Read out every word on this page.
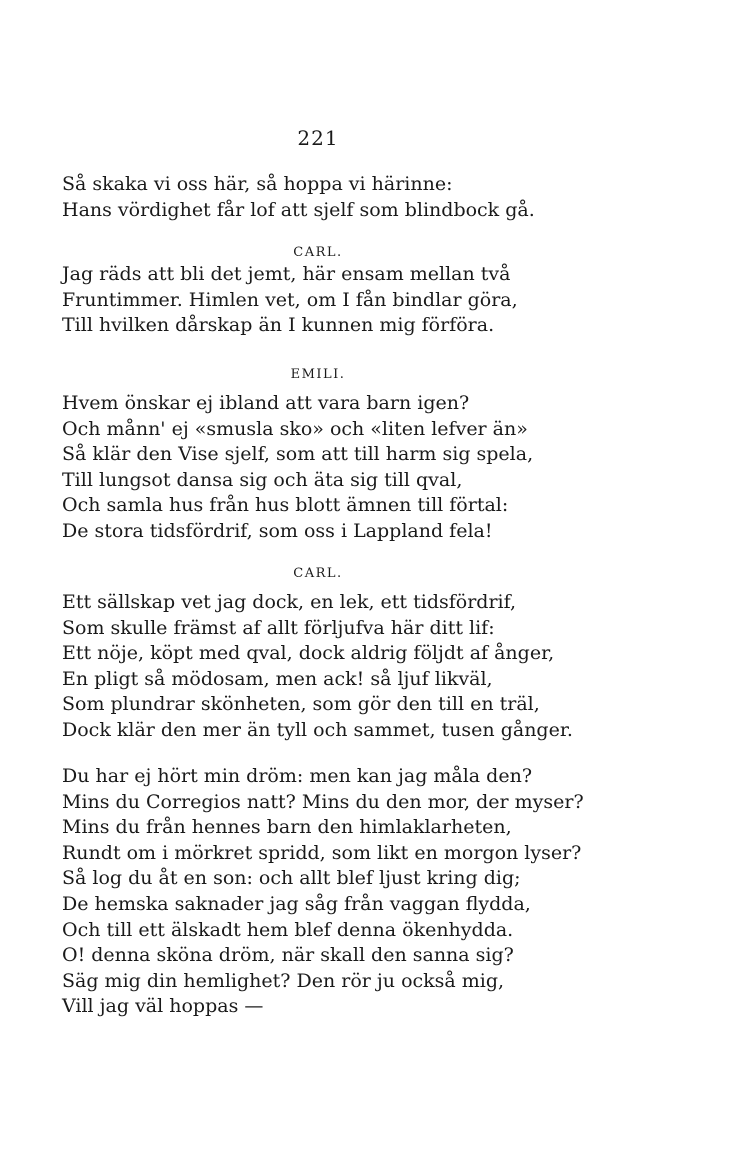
221
Så skaka vi oss här, så hoppa vi härinne:
Hans vördighet får lof att sjelf som blindbock gå.
CARL.
Jag räds att bli det jemt, här ensam mellan två
Fruntimmer. Himlen vet, om I fån bindlar göra,
Till hvilken dårskap än I kunnen mig förföra.
EMILI.
Hvem önskar ej ibland att vara barn igen?
Och månn' ej «smusla sko» och «liten lefver än»
Så klär den Vise sjelf, som att till harm sig spela,
Till lungsot dansa sig och äta sig till qval,
Och samla hus från hus blott ämnen till förtal:
De stora tidsfördrif, som oss i Lappland fela!
CARL.
Ett sällskap vet jag dock, en lek, ett tidsfördrif,
Som skulle främst af allt förljufva här ditt lif:
Ett nöje, köpt med qval, dock aldrig följdt af ånger,
En pligt så mödosam, men ack! så ljuf likväl,
Som plundrar skönheten, som gör den till en träl,
Dock klär den mer än tyll och sammet, tusen gånger.
Du har ej hört min dröm: men kan jag måla den?
Mins du Corregios natt? Mins du den mor, der myser?
Mins du från hennes barn den himlaklarheten,
Rundt om i mörkret spridd, som likt en morgon lyser?
Så log du åt en son: och allt blef ljust kring dig;
De hemska saknader jag såg från vaggan flydda,
Och till ett älskadt hem blef denna ökenhydda.
O! denna sköna dröm, när skall den sanna sig?
Säg mig din hemlighet? Den rör ju också mig,
Vill jag väl hoppas —
